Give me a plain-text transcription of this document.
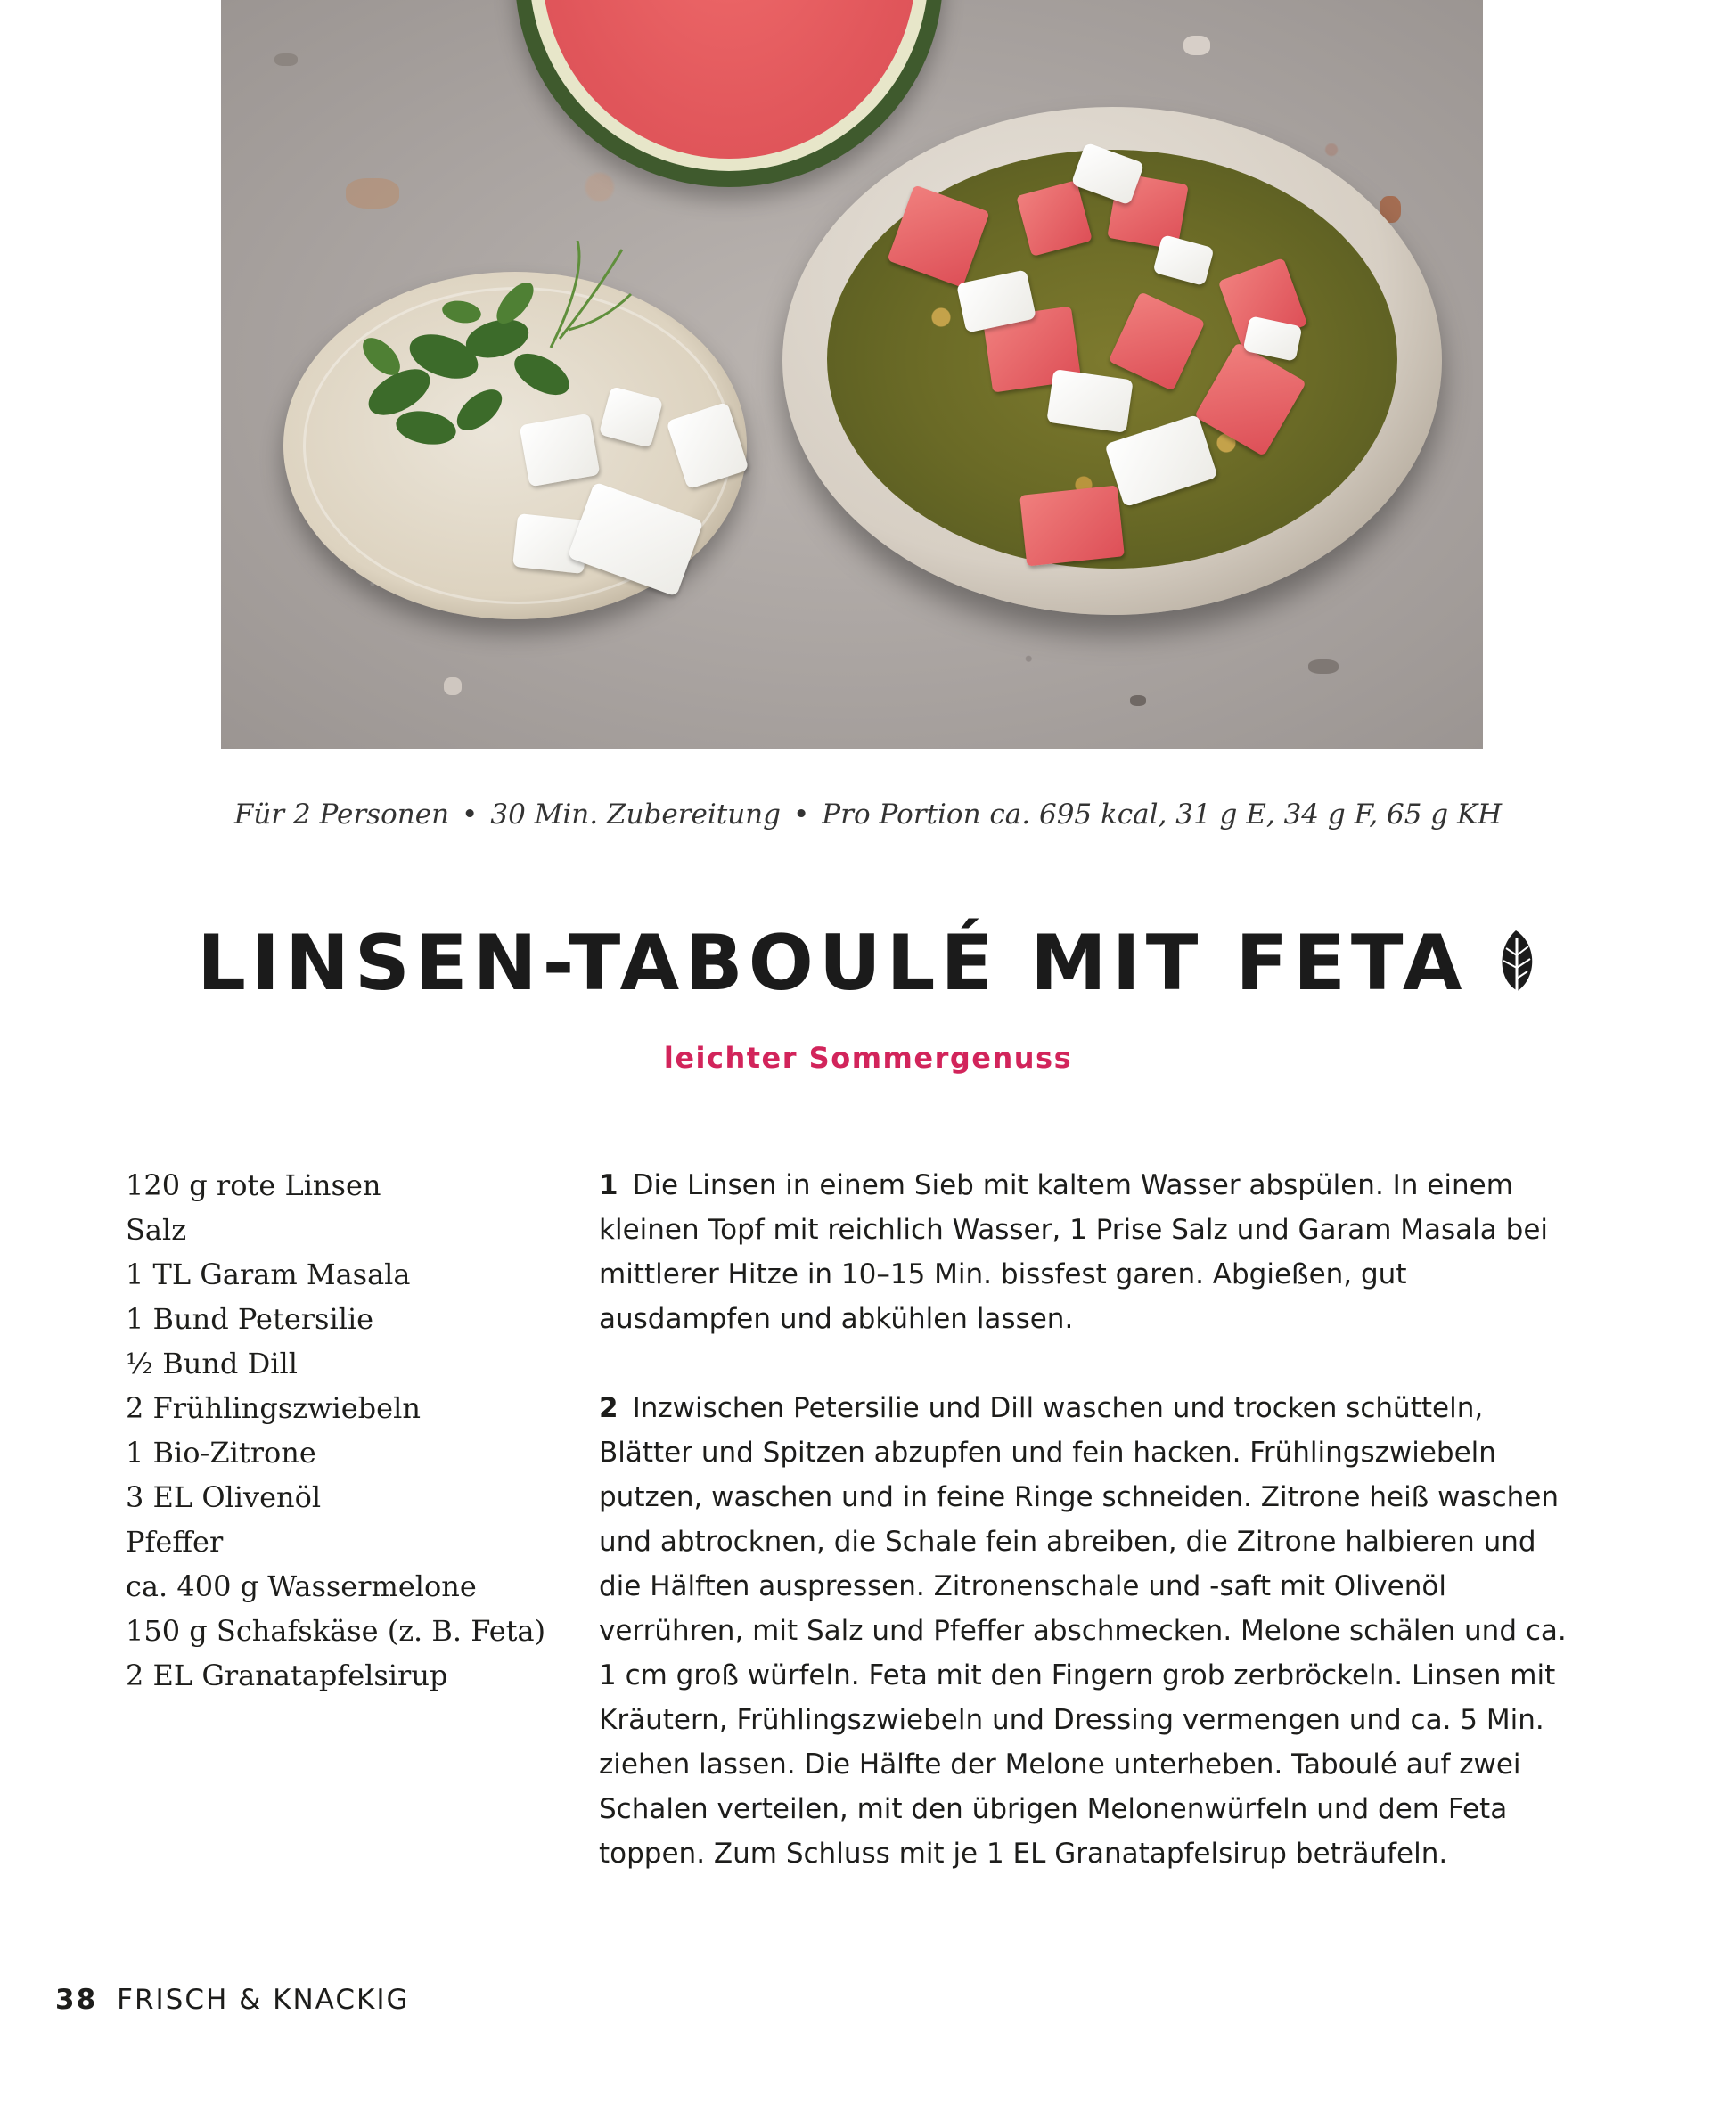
Für 2 Personen • 30 Min. Zubereitung • Pro Portion ca. 695 kcal, 31 g E, 34 g F, 65 g KH
LINSEN-TABOULÉ MIT FETA
leichter Sommergenuss
120 g rote Linsen
Salz
1 TL Garam Masala
1 Bund Petersilie
½ Bund Dill
2 Frühlingszwiebeln
1 Bio-Zitrone
3 EL Olivenöl
Pfeffer
ca. 400 g Wassermelone
150 g Schafskäse (z. B. Feta)
2 EL Granatapfelsirup

1 Die Linsen in einem Sieb mit kaltem Wasser abspülen. In einem kleinen Topf mit reichlich Wasser, 1 Prise Salz und Garam Masala bei mittlerer Hitze in 10–15 Min. bissfest garen. Abgießen, gut ausdampfen und abkühlen lassen.

2 Inzwischen Petersilie und Dill waschen und trocken schütteln, Blätter und Spitzen abzupfen und fein hacken. Frühlingszwiebeln putzen, waschen und in feine Ringe schneiden. Zitrone heiß waschen und abtrocknen, die Schale fein abreiben, die Zitrone halbieren und die Hälften auspressen. Zitronenschale und -saft mit Olivenöl verrühren, mit Salz und Pfeffer abschmecken. Melone schälen und ca. 1 cm groß würfeln. Feta mit den Fingern grob zerbröckeln. Linsen mit Kräutern, Frühlingszwiebeln und Dressing vermengen und ca. 5 Min. ziehen lassen. Die Hälfte der Melone unterheben. Taboulé auf zwei Schalen verteilen, mit den übrigen Melonenwürfeln und dem Feta toppen. Zum Schluss mit je 1 EL Granatapfelsirup beträufeln.

38 FRISCH & KNACKIG
